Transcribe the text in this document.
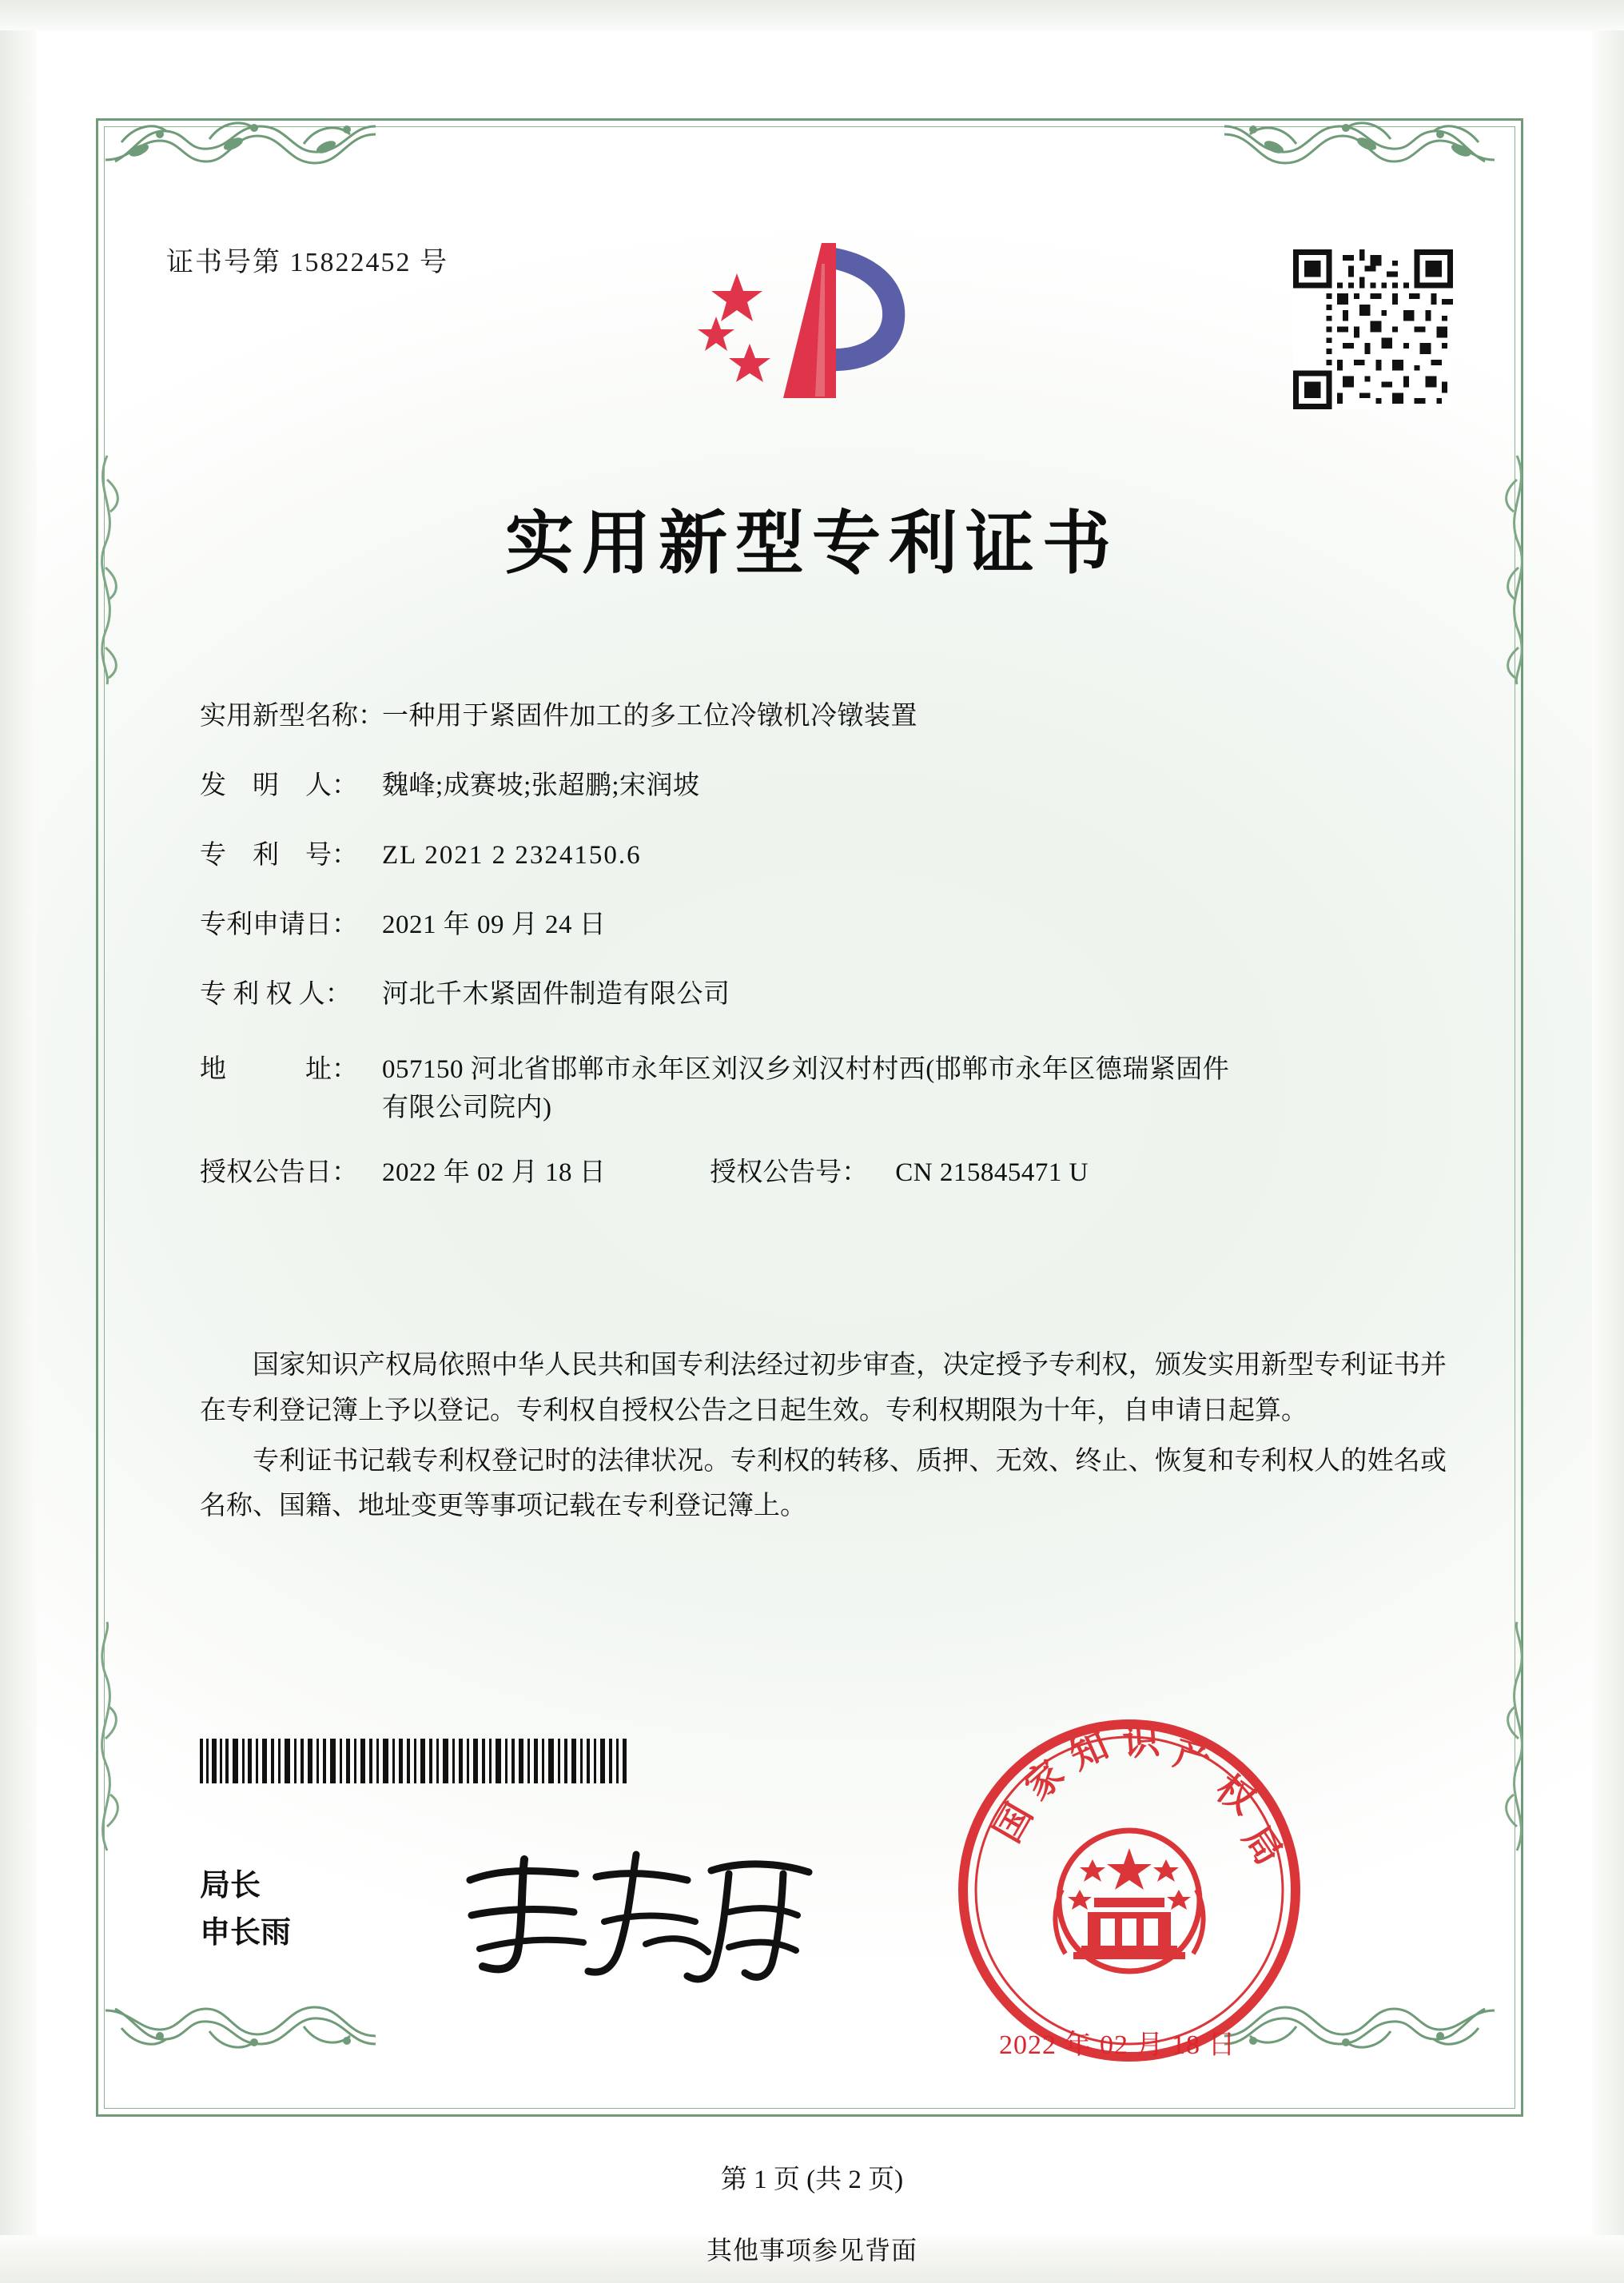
证书号第 15822452 号
实用新型专利证书
实用新型名称：
一种用于紧固件加工的多工位冷镦机冷镦装置
发　明　人： 魏峰;成赛坡;张超鹏;宋润坡
专　利　号： ZL 2021 2 2324150.6
专利申请日： 2021 年 09 月 24 日
专 利 权 人：	河北千木紧固件制造有限公司
地　　　址： 057150 河北省邯郸市永年区刘汉乡刘汉村村西(邯郸市永年区德瑞紧固件有限公司院内)
授权公告日： 2022 年 02 月 18 日	授权公告号：	CN 215845471 U

国家知识产权局依照中华人民共和国专利法经过初步审查，决定授予专利权，颁发实用新型专利证书并在专利登记簿上予以登记。专利权自授权公告之日起生效。专利权期限为十年，自申请日起算。

专利证书记载专利权登记时的法律状况。专利权的转移、质押、无效、终止、恢复和专利权人的姓名或名称、国籍、地址变更等事项记载在专利登记簿上。

局长
申长雨
国
家
知 识 产
权
局
2022 年 02 月 18 日
第 1 页 (共 2 页)
其他事项参见背面
